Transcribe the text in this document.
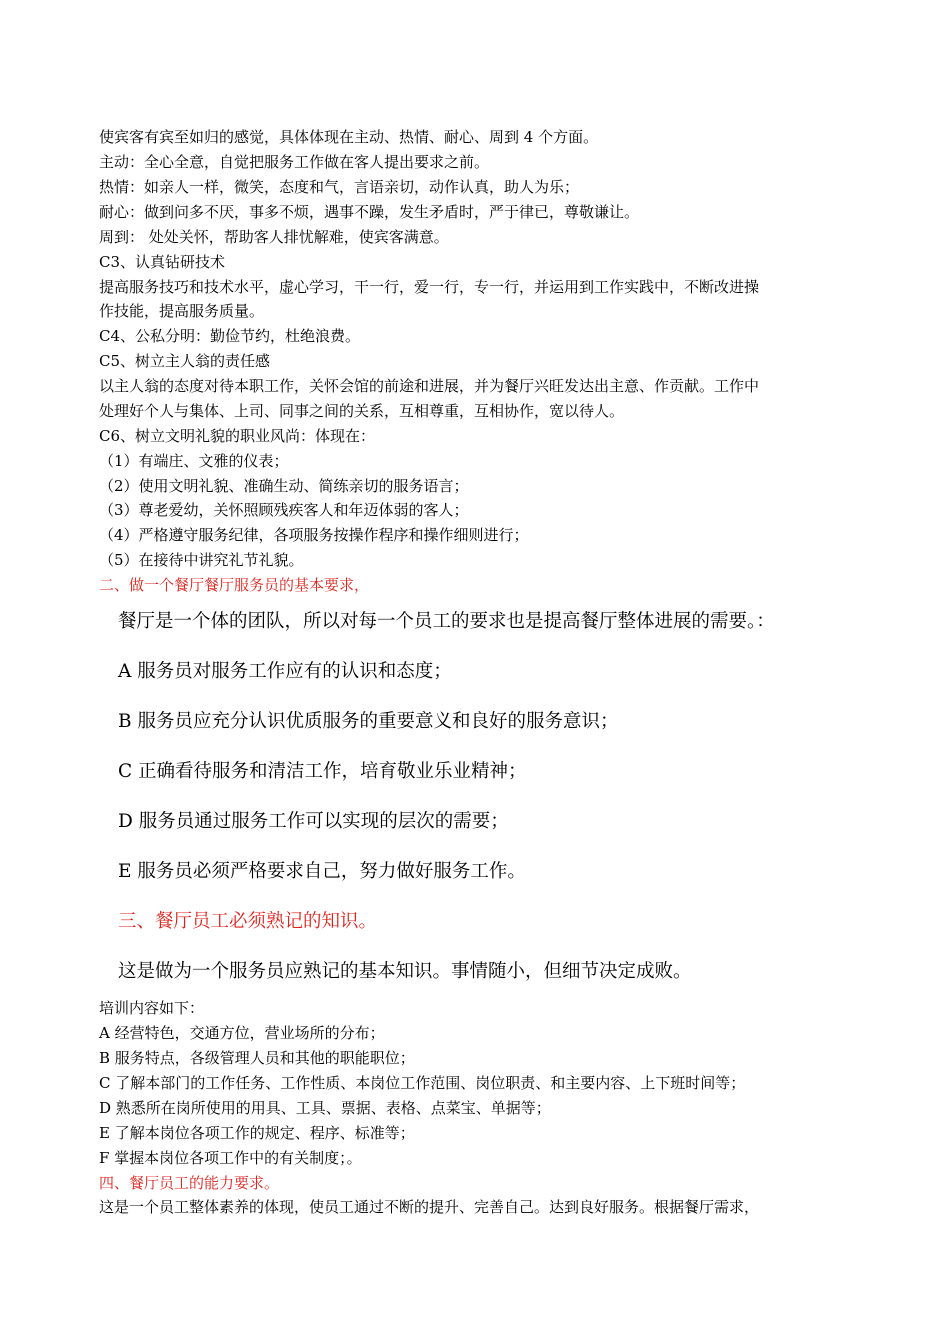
使宾客有宾至如归的感觉，具体体现在主动、热情、耐心、周到 4 个方面。
主动：全心全意，自觉把服务工作做在客人提出要求之前。
热情：如亲人一样，微笑，态度和气，言语亲切，动作认真，助人为乐；
耐心：做到问多不厌，事多不烦，遇事不躁，发生矛盾时，严于律已，尊敬谦让。
周到： 处处关怀，帮助客人排忧解难，使宾客满意。
C3、认真钻研技术
提高服务技巧和技术水平，虚心学习，干一行，爱一行，专一行，并运用到工作实践中，不断改进操
作技能，提高服务质量。
C4、公私分明：勤俭节约，杜绝浪费。
C5、树立主人翁的责任感
以主人翁的态度对待本职工作，关怀会馆的前途和进展，并为餐厅兴旺发达出主意、作贡献。工作中
处理好个人与集体、上司、同事之间的关系，互相尊重，互相协作，宽以待人。
C6、树立文明礼貌的职业风尚：体现在：
（1）有端庄、文雅的仪表；
（2）使用文明礼貌、准确生动、简练亲切的服务语言；
（3）尊老爱幼，关怀照顾残疾客人和年迈体弱的客人；
（4）严格遵守服务纪律，各项服务按操作程序和操作细则进行；
（5）在接待中讲究礼节礼貌。
二、做一个餐厅餐厅服务员的基本要求，
餐厅是一个体的团队，所以对每一个员工的要求也是提高餐厅整体进展的需要。：
A 服务员对服务工作应有的认识和态度；
B 服务员应充分认识优质服务的重要意义和良好的服务意识；
C 正确看待服务和清洁工作，培育敬业乐业精神；
D 服务员通过服务工作可以实现的层次的需要；
E 服务员必须严格要求自己，努力做好服务工作。
三、餐厅员工必须熟记的知识。
这是做为一个服务员应熟记的基本知识。事情随小，但细节决定成败。
培训内容如下：
A 经营特色，交通方位，营业场所的分布；
B 服务特点，各级管理人员和其他的职能职位；
C 了解本部门的工作任务、工作性质、本岗位工作范围、岗位职责、和主要内容、上下班时间等；
D 熟悉所在岗所使用的用具、工具、票据、表格、点菜宝、单据等；
E 了解本岗位各项工作的规定、程序、标准等；
F 掌握本岗位各项工作中的有关制度；。
四、餐厅员工的能力要求。
这是一个员工整体素养的体现，使员工通过不断的提升、完善自己。达到良好服务。根据餐厅需求，
